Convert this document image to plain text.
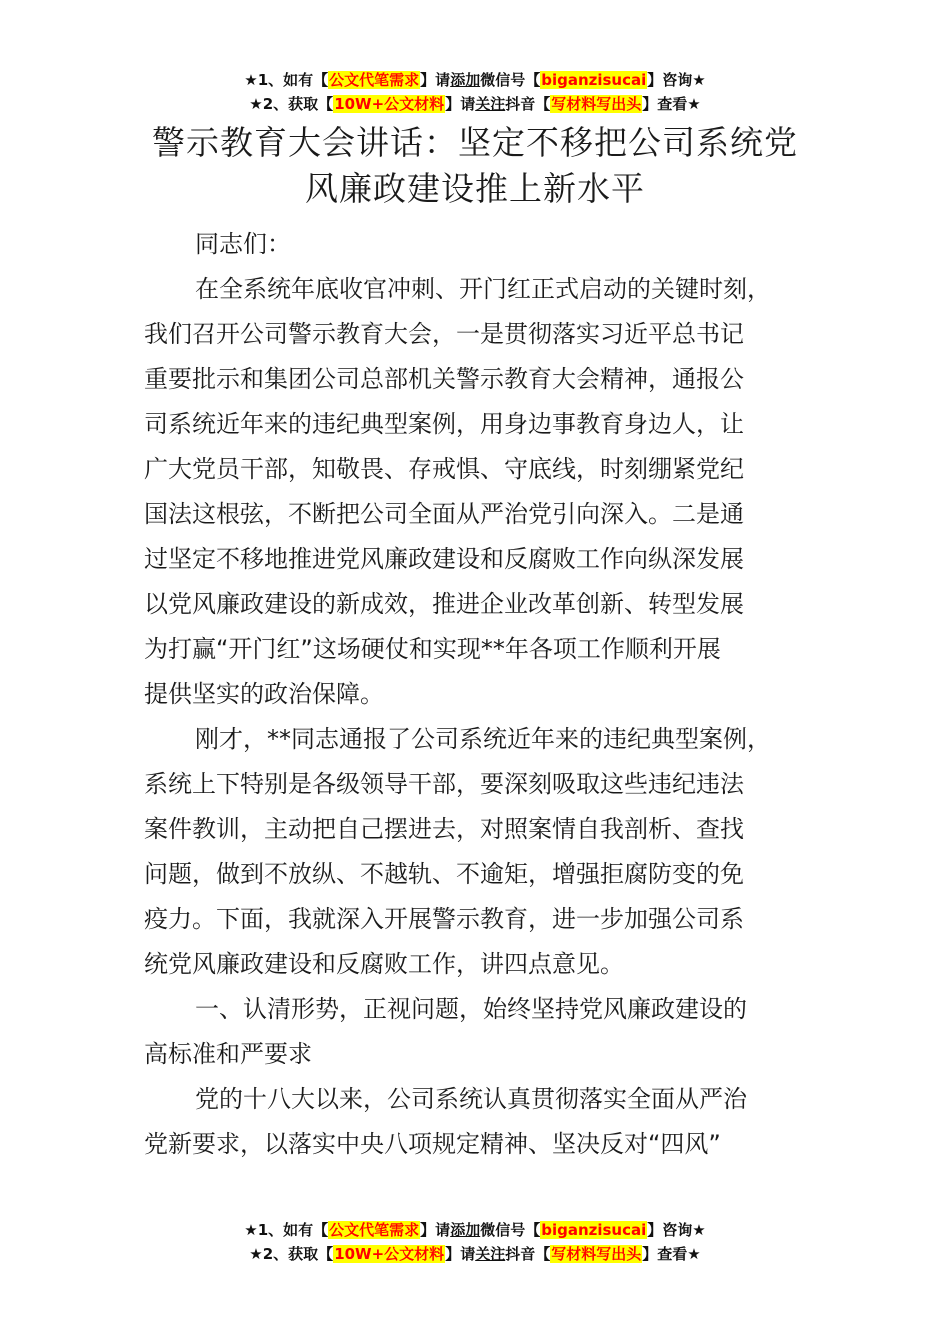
★1、如有【公文代笔需求】请添加微信号【biganzisucai】咨询★
★2、获取【10W+公文材料】请关注抖音【写材料写出头】查看★
警示教育大会讲话：坚定不移把公司系统党
风廉政建设推上新水平
同志们：
在全系统年底收官冲刺、开门红正式启动的关键时刻，
我们召开公司警示教育大会，一是贯彻落实习近平总书记
重要批示和集团公司总部机关警示教育大会精神，通报公
司系统近年来的违纪典型案例，用身边事教育身边人，让
广大党员干部，知敬畏、存戒惧、守底线，时刻绷紧党纪
国法这根弦，不断把公司全面从严治党引向深入。二是通
过坚定不移地推进党风廉政建设和反腐败工作向纵深发展
以党风廉政建设的新成效，推进企业改革创新、转型发展
为打赢“开门红”这场硬仗和实现**年各项工作顺利开展
提供坚实的政治保障。
刚才，**同志通报了公司系统近年来的违纪典型案例，
系统上下特别是各级领导干部，要深刻吸取这些违纪违法
案件教训，主动把自己摆进去，对照案情自我剖析、查找
问题，做到不放纵、不越轨、不逾矩，增强拒腐防变的免
疫力。下面，我就深入开展警示教育，进一步加强公司系
统党风廉政建设和反腐败工作，讲四点意见。
一、认清形势，正视问题，始终坚持党风廉政建设的
高标准和严要求
党的十八大以来，公司系统认真贯彻落实全面从严治
党新要求，以落实中央八项规定精神、坚决反对“四风”
★1、如有【公文代笔需求】请添加微信号【biganzisucai】咨询★
★2、获取【10W+公文材料】请关注抖音【写材料写出头】查看★
